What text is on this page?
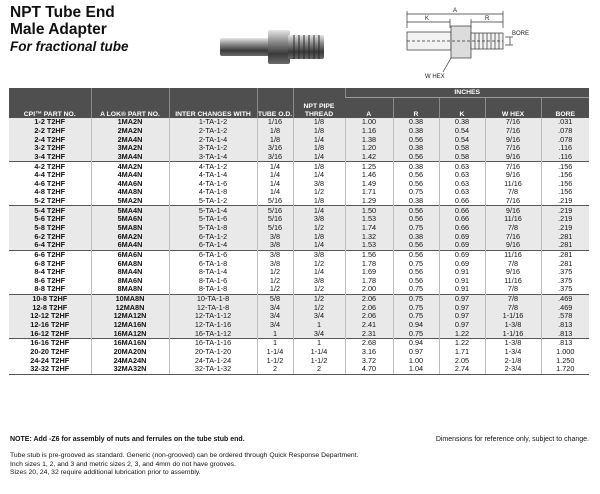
NPT Tube End
Male Adapter
For fractional tube
A
K	R
BORE
W HEX
CPI™ PART NO.	A LOK® PART NO.	INTER CHANGES WITH	TUBE O.D.	NPT PIPE THREAD	INCHES				
					A	R	K	W HEX	BORE
1-2 T2HF	1MA2N	1-TA-1-2	1/16	1/8	1.00	0.38	0.38	7/16	.031
2-2 T2HF	2MA2N	2-TA-1-2	1/8	1/8	1.16	0.38	0.54	7/16	.078
2-4 T2HF	2MA4N	2-TA-1-4	1/8	1/4	1.38	0.56	0.54	9/16	.078
3-2 T2HF	3MA2N	3-TA-1-2	3/16	1/8	1.20	0.38	0.58	7/16	.116
3-4 T2HF	3MA4N	3-TA-1-4	3/16	1/4	1.42	0.56	0.58	9/16	.116
4-2 T2HF	4MA2N	4-TA-1-2	1/4	1/8	1.25	0.38	0.63	7/16	.156
4-4 T2HF	4MA4N	4-TA-1-4	1/4	1/4	1.46	0.56	0.63	9/16	.156
4-6 T2HF	4MA6N	4-TA-1-6	1/4	3/8	1.49	0.56	0.63	11/16	.156
4-8 T2HF	4MA8N	4-TA-1-8	1/4	1/2	1.71	0.75	0.63	7/8	.156
5-2 T2HF	5MA2N	5-TA-1-2	5/16	1/8	1.29	0.38	0.66	7/16	.219
5-4 T2HF	5MA4N	5-TA-1-4	5/16	1/4	1.50	0.56	0.66	9/16	.219
5-6 T2HF	5MA6N	5-TA-1-6	5/16	3/8	1.53	0.56	0.66	11/16	.219
5-8 T2HF	5MA8N	5-TA-1-8	5/16	1/2	1.74	0.75	0.66	7/8	.219
6-2 T2HF	6MA2N	6-TA-1-2	3/8	1/8	1.32	0.38	0.69	7/16	.281
6-4 T2HF	6MA4N	6-TA-1-4	3/8	1/4	1.53	0.56	0.69	9/16	.281
6-6 T2HF	6MA6N	6-TA-1-6	3/8	3/8	1.56	0.56	0.69	11/16	.281
6-8 T2HF	6MA8N	6-TA-1-8	3/8	1/2	1.78	0.75	0.69	7/8	.281
8-4 T2HF	8MA4N	8-TA-1-4	1/2	1/4	1.69	0.56	0.91	9/16	.375
8-6 T2HF	8MA6N	8-TA-1-6	1/2	3/8	1.78	0.56	0.91	11/16	.375
8-8 T2HF	8MA8N	8-TA-1-8	1/2	1/2	2.00	0.75	0.91	7/8	.375
10-8 T2HF	10MA8N	10-TA-1-8	5/8	1/2	2.06	0.75	0.97	7/8	.469
12-8 T2HF	12MA8N	12-TA-1-8	3/4	1/2	2.06	0.75	0.97	7/8	.469
12-12 T2HF	12MA12N	12-TA-1-12	3/4	3/4	2.06	0.75	0.97	1-1/16	.578
12-16 T2HF	12MA16N	12-TA-1-16	3/4	1	2.41	0.94	0.97	1-3/8	.813
16-12 T2HF	16MA12N	16-TA-1-12	1	3/4	2.31	0.75	1.22	1-1/16	.813
16-16 T2HF	16MA16N	16-TA-1-16	1	1	2.68	0.94	1.22	1-3/8	.813
20-20 T2HF	20MA20N	20-TA-1-20	1-1/4	1-1/4	3.16	0.97	1.71	1-3/4	1.000
24-24 T2HF	24MA24N	24-TA-1-24	1-1/2	1-1/2	3.72	1.00	2.05	2-1/8	1.250
32-32 T2HF	32MA32N	32-TA-1-32	2	2	4.70	1.04	2.74	2-3/4	1.720
NOTE: Add -Z6 for assembly of nuts and ferrules on the tube stub end.	Dimensions for reference only, subject to change.
Tube stub is pre-grooved as standard. Generic (non-grooved) can be ordered through Quick Response Department.
Inch sizes 1, 2, and 3 and metric sizes 2, 3, and 4mm do not have grooves.
Sizes 20, 24, 32 require additional lubrication prior to assembly.
